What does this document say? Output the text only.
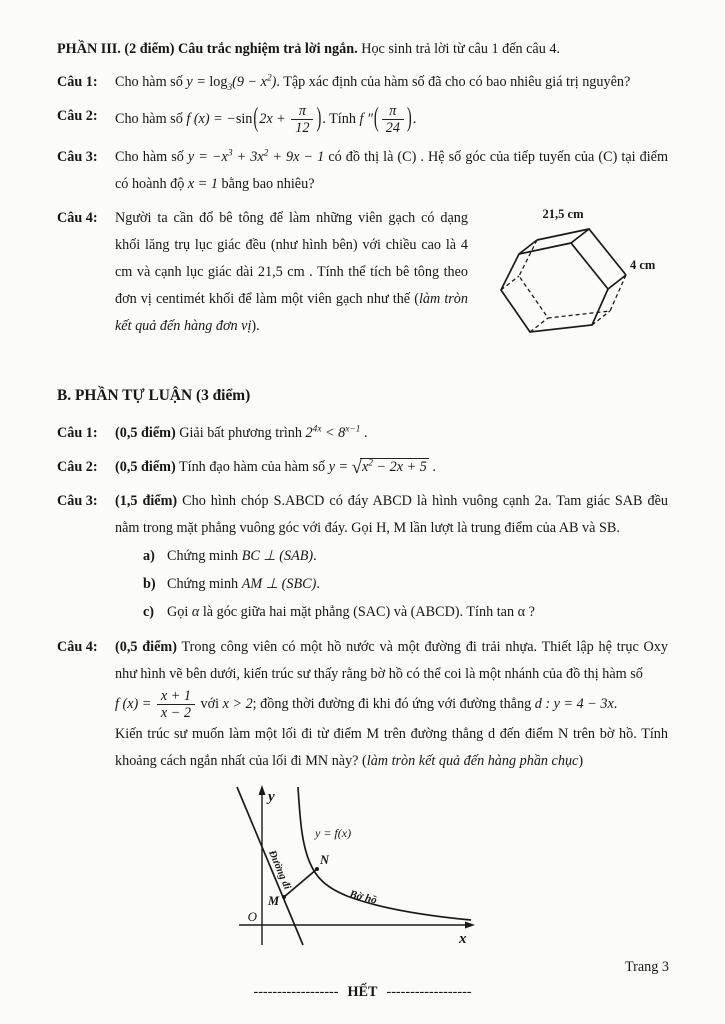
PHẦN III. (2 điểm) Câu trắc nghiệm trả lời ngắn. Học sinh trả lời từ câu 1 đến câu 4.
Câu 1:	Cho hàm số $y = \log_3(9 - x^2)$. Tập xác định của hàm số đã cho có bao nhiêu giá trị nguyên?
Câu 2:	Cho hàm số f $(x) = -\sin(2x + \frac{\pi}{12}$ ). Tính f ″( $\frac{\pi}{24}$ ).
Câu 3:	Cho hàm số $y = -x^3 + 3x^2 + 9x - 1$ có đồ thị là (C) . Hệ số góc của tiếp tuyến của (C) tại điểm có hoành độ x = 1 bằng bao nhiêu?
Câu 4:	21,5 cm
4 cm
Người ta cần đổ bê tông để làm những viên gạch có dạng khối lăng trụ lục giác đều (như hình bên) với chiều cao là 4 cm và cạnh lục giác dài 21,5 cm . Tính thể tích bê tông theo đơn vị centimét khối để làm một viên gạch như thế (làm tròn kết quả đến hàng đơn vị).
B. PHẦN TỰ LUẬN (3 điểm)
Câu 1:	(0,5 điểm) Giải bất phương trình $2^{4x} < 8^{x-1}$ .
Câu 2:	(0,5 điểm) Tính đạo hàm của hàm số $y = √x^2 - 2x + 5$ .
Câu 3:	(1,5 điểm) Cho hình chóp S.ABCD có đáy ABCD là hình vuông cạnh 2a. Tam giác SAB đều nằm trong mặt phẳng vuông góc với đáy. Gọi H, M lần lượt là trung điểm của AB và SB.
a) Chứng minh BC ⊥ (SAB).
b) Chứng minh AM ⊥ (SBC).
c) Gọi α là góc giữa hai mặt phẳng (SAC) và (ABCD). Tính tan α ?
Câu 4:	(0,5 điểm) Trong công viên có một hồ nước và một đường đi trải nhựa. Thiết lập hệ trục Oxy như hình vẽ bên dưới, kiến trúc sư thấy rằng bờ hồ có thể coi là một nhánh của đồ thị hàm số
f $(x) = \frac{x + 1}{x - 2}$ với x > 2; đồng thời đường đi khi đó ứng với đường thẳng d : y = 4 − 3x.
Kiến trúc sư muốn làm một lối đi từ điểm M trên đường thẳng d đến điểm N trên bờ hồ. Tính khoảng cách ngắn nhất của lối đi MN này? (làm tròn kết quả đến hàng phần chục)
y
x
O
y = f(x)
Đường đi
Bờ hồ
M
N
------------------ HẾT ------------------
Trang 3
